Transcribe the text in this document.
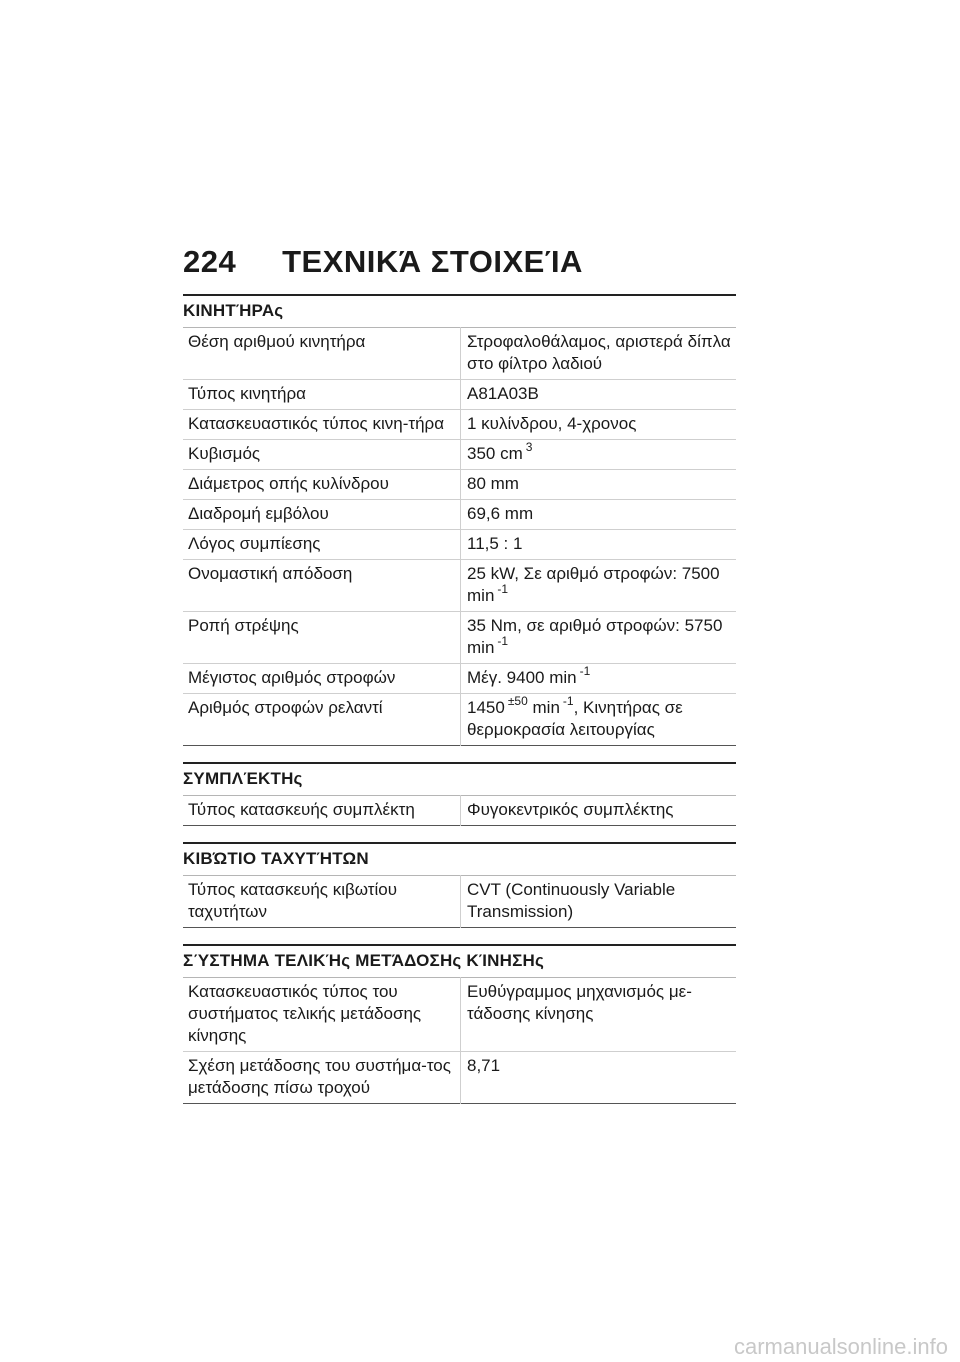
224 ΤΕΧΝΙΚΆ ΣΤΟΙΧΕΊΑ
ΚΙΝΗΤΉΡΑς
Θέση αριθμού κινητήρα	Στροφαλοθάλαμος, αριστερά δίπλα στο φίλτρο λαδιού
Τύπος κινητήρα	A81A03B
Κατασκευαστικός τύπος κινη-τήρα	1 κυλίνδρου, 4-χρονος
Κυβισμός	350 cm $^3$
Διάμετρος οπής κυλίνδρου	80 mm
Διαδρομή εμβόλου	69,6 mm
Λόγος συμπίεσης	11,5 : 1
Ονομαστική απόδοση	25 kW, Σε αριθμό στροφών: 7500 min $^{-1}$
Ροπή στρέψης	35 Nm, σε αριθμό στροφών: 5750 min $^{-1}$
Μέγιστος αριθμός στροφών	Μέγ. 9400 min $^{-1}$
Αριθμός στροφών ρελαντί	1450 $^{\pm 50}$ min $^{-1}$, Κινητήρας σε θερμοκρασία λειτουργίας
ΣΥΜΠΛΈΚΤΗς
Τύπος κατασκευής συμπλέκτη	Φυγοκεντρικός συμπλέκτης
ΚΙΒΏΤΙΟ ΤΑΧΥΤΉΤΩΝ
Τύπος κατασκευής κιβωτίου ταχυτήτων	CVT (Continuously Variable Transmission)
ΣΎΣΤΗΜΑ ΤΕΛΙΚΉς ΜΕΤΆΔΟΣΗς ΚΊΝΗΣΗς
Κατασκευαστικός τύπος του συστήματος τελικής μετάδοσης κίνησης	Ευθύγραμμος μηχανισμός με-τάδοσης κίνησης
Σχέση μετάδοσης του συστήμα-τος μετάδοσης πίσω τροχού	8,71
carmanualsonline.info
